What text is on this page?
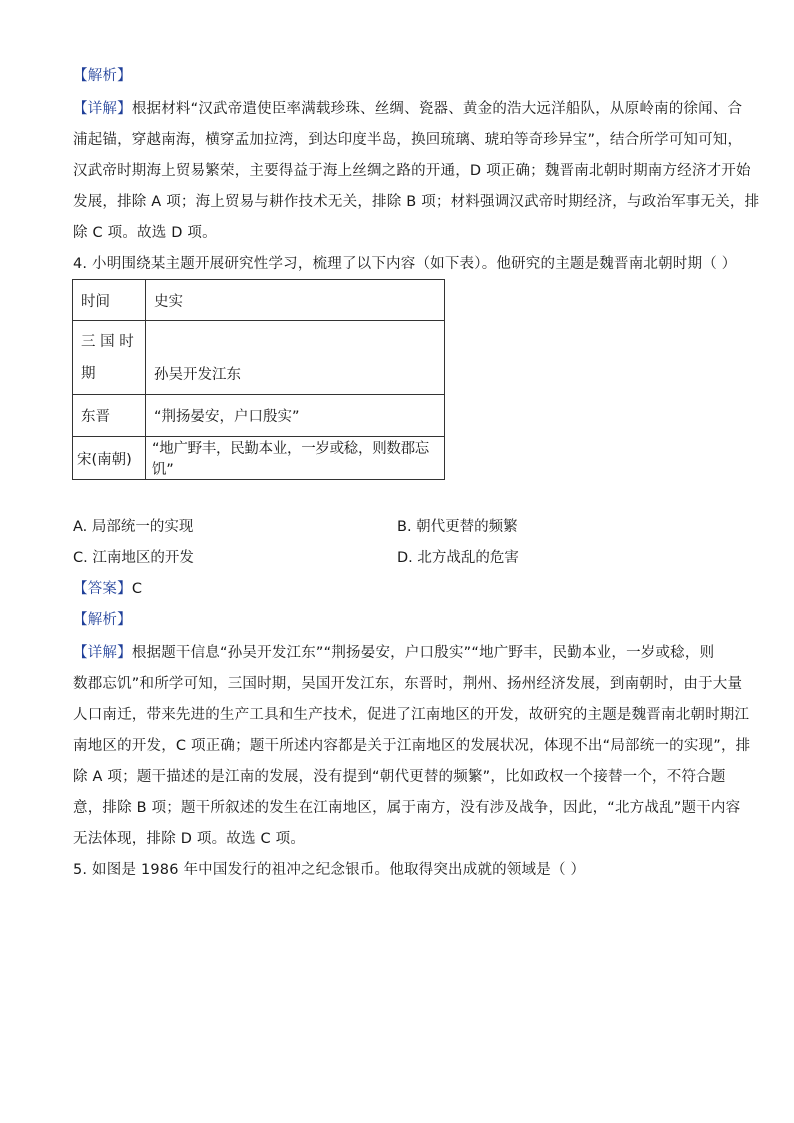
【解析】
【详解】根据材料“汉武帝遣使臣率满载珍珠、丝绸、瓷器、黄金的浩大远洋船队，从原岭南的徐闻、合
浦起锚，穿越南海，横穿孟加拉湾，到达印度半岛，换回琉璃、琥珀等奇珍异宝”，结合所学可知可知，
汉武帝时期海上贸易繁荣，主要得益于海上丝绸之路的开通，D 项正确；魏晋南北朝时期南方经济才开始
发展，排除 A 项；海上贸易与耕作技术无关，排除 B 项；材料强调汉武帝时期经济，与政治军事无关，排
除 C 项。故选 D 项。
4. 小明围绕某主题开展研究性学习，梳理了以下内容（如下表）。他研究的主题是魏晋南北朝时期（ ）
时间	史实

三 国 时
期	孙吴开发江东
东晋	“荆扬晏安，户口殷实”
宋(南朝)	“地广野丰，民勤本业，一岁或稔，则数郡忘饥”
A. 局部统一的实现	B. 朝代更替的频繁
C. 江南地区的开发	D. 北方战乱的危害
【答案】C
【解析】
【详解】根据题干信息“孙吴开发江东”“荆扬晏安，户口殷实”“地广野丰，民勤本业，一岁或稔，则
数郡忘饥”和所学可知，三国时期，吴国开发江东，东晋时，荆州、扬州经济发展，到南朝时，由于大量
人口南迁，带来先进的生产工具和生产技术，促进了江南地区的开发，故研究的主题是魏晋南北朝时期江
南地区的开发，C 项正确；题干所述内容都是关于江南地区的发展状况，体现不出“局部统一的实现”，排
除 A 项；题干描述的是江南的发展，没有提到“朝代更替的频繁”，比如政权一个接替一个，不符合题
意，排除 B 项；题干所叙述的发生在江南地区，属于南方，没有涉及战争，因此，“北方战乱”题干内容
无法体现，排除 D 项。故选 C 项。
5. 如图是 1986 年中国发行的祖冲之纪念银币。他取得突出成就的领域是（ ）
